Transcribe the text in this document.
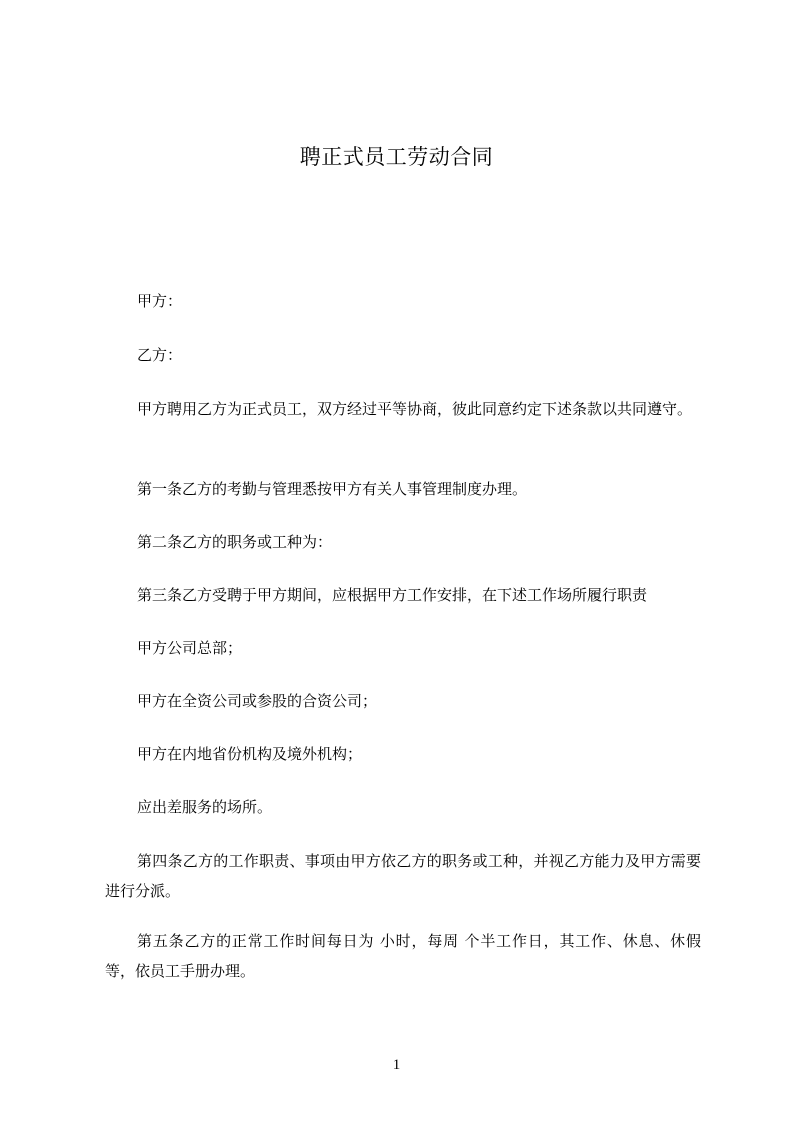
聘正式员工劳动合同

甲方：

乙方：

甲方聘用乙方为正式员工，双方经过平等协商，彼此同意约定下述条款以共同遵守。

第一条乙方的考勤与管理悉按甲方有关人事管理制度办理。

第二条乙方的职务或工种为：

第三条乙方受聘于甲方期间，应根据甲方工作安排，在下述工作场所履行职责

甲方公司总部；

甲方在全资公司或参股的合资公司；

甲方在内地省份机构及境外机构；

应出差服务的场所。

第四条乙方的工作职责、事项由甲方依乙方的职务或工种，并视乙方能力及甲方需要进行分派。

第五条乙方的正常工作时间每日为 小时，每周 个半工作日，其工作、休息、休假等，依员工手册办理。

1
